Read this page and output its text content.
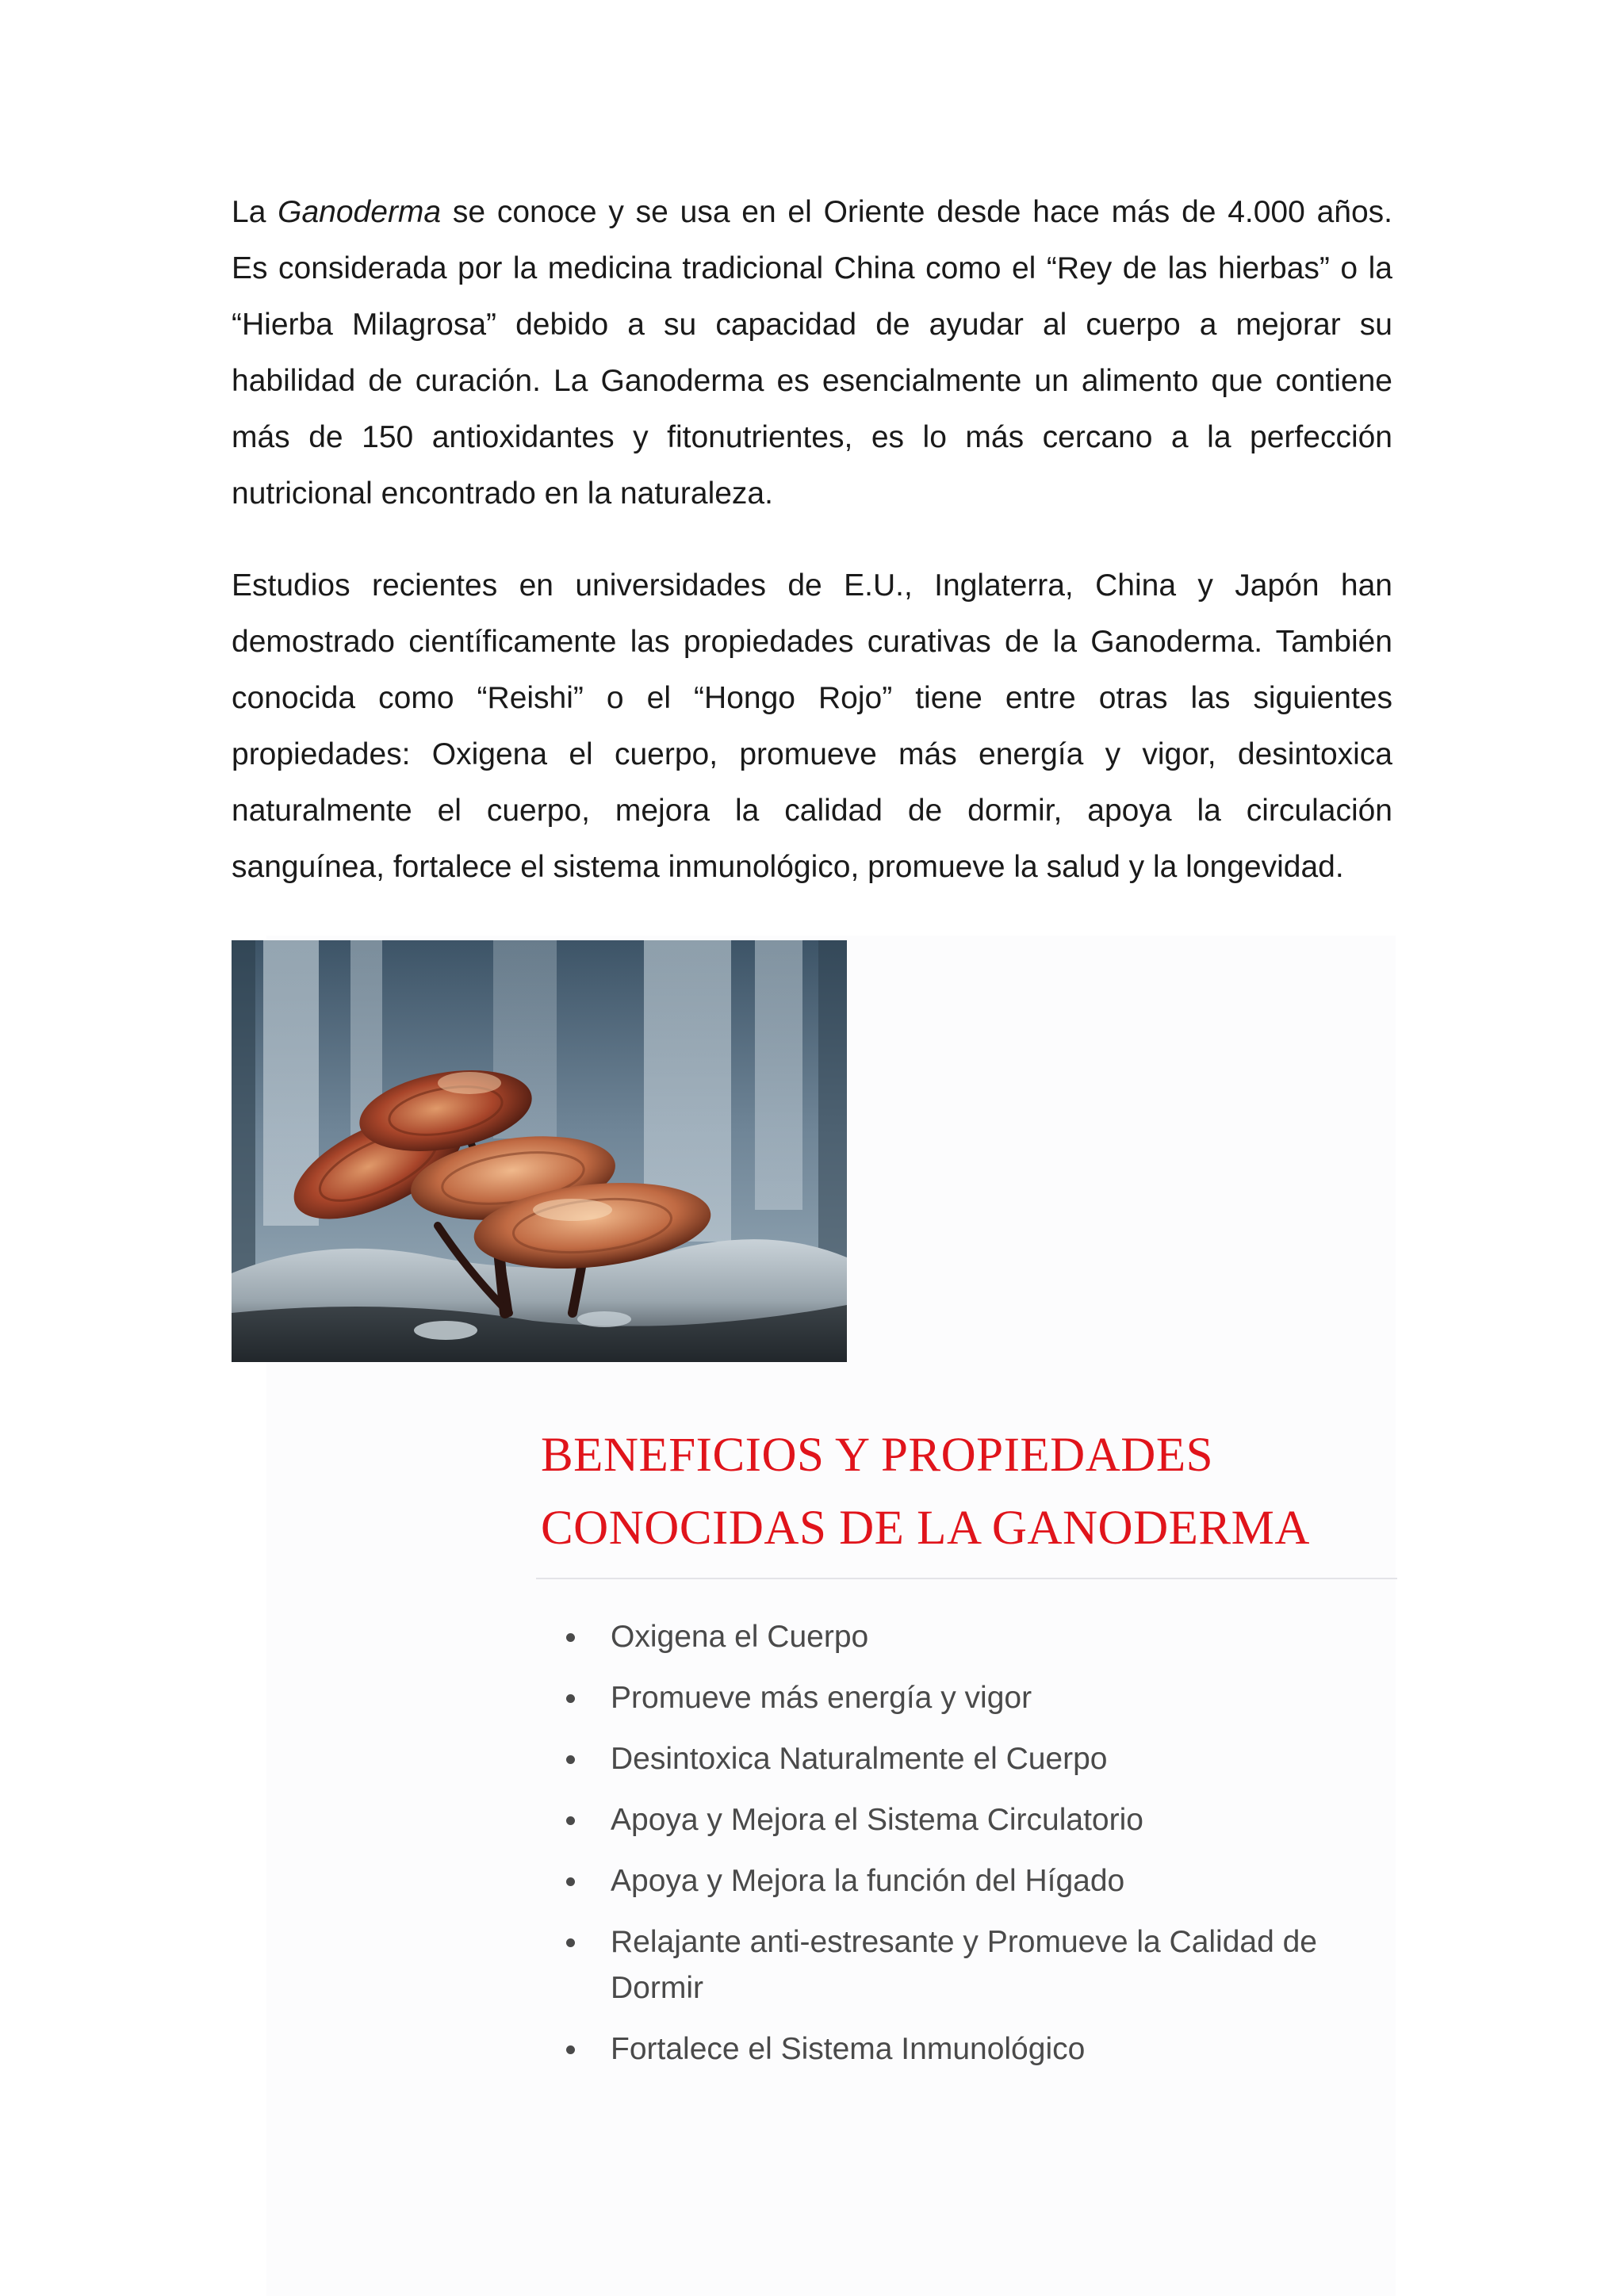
La Ganoderma se conoce y se usa en el Oriente desde hace más de 4.000 años.
Es considerada por la medicina tradicional China como el “Rey de las hierbas” o la
“Hierba Milagrosa” debido a su capacidad de ayudar al cuerpo a mejorar su
habilidad de curación. La Ganoderma es esencialmente un alimento que contiene
más de 150 antioxidantes y fitonutrientes, es lo más cercano a la perfección
nutricional encontrado en la naturaleza.
Estudios recientes en universidades de E.U., Inglaterra, China y Japón han
demostrado científicamente las propiedades curativas de la Ganoderma. También
conocida como “Reishi” o el “Hongo Rojo” tiene entre otras las siguientes
propiedades: Oxigena el cuerpo, promueve más energía y vigor, desintoxica
naturalmente el cuerpo, mejora la calidad de dormir, apoya la circulación
sanguínea, fortalece el sistema inmunológico, promueve la salud y la longevidad.
BENEFICIOS Y PROPIEDADES
CONOCIDAS DE LA GANODERMA
Oxigena el Cuerpo
Promueve más energía y vigor
Desintoxica Naturalmente el Cuerpo
Apoya y Mejora el Sistema Circulatorio
Apoya y Mejora la función del Hígado
Relajante anti-estresante y Promueve la Calidad de Dormir
Fortalece el Sistema Inmunológico
